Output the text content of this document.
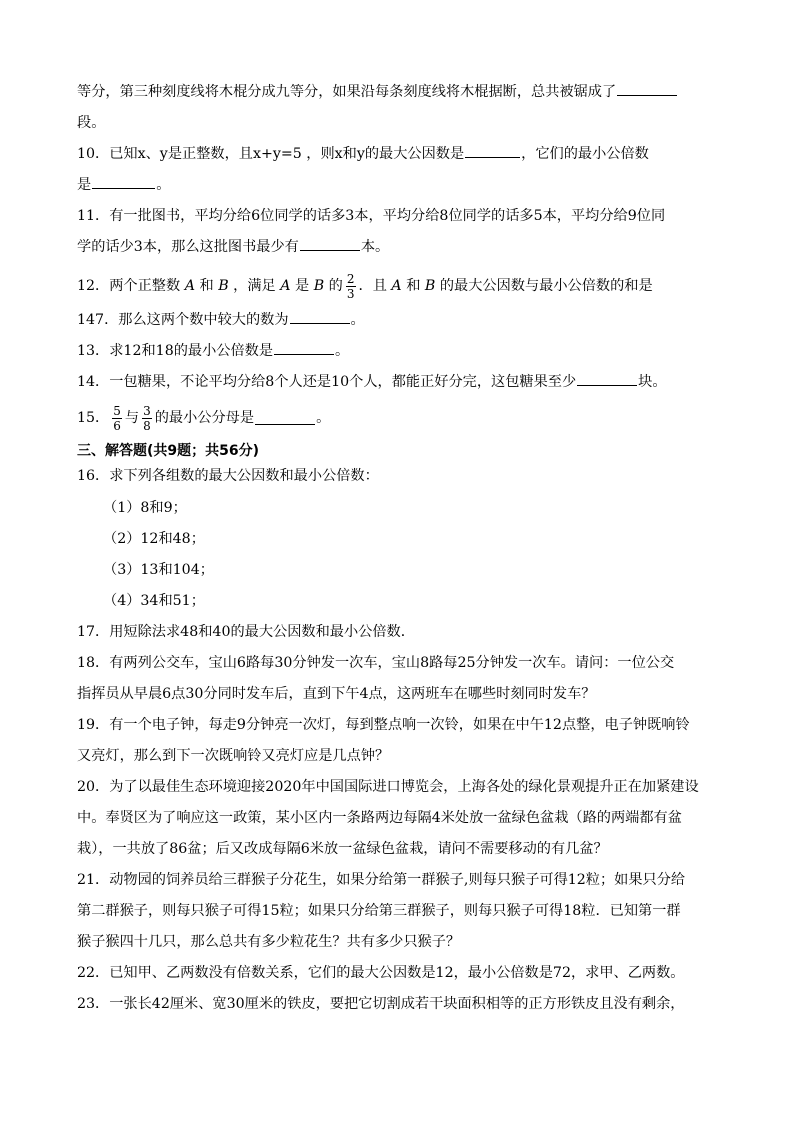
等分，第三种刻度线将木棍分成九等分，如果沿每条刻度线将木棍据断，总共被锯成了
段。
10．已知x、y是正整数，且x+y=5 ，则x和y的最大公因数是	，它们的最小公倍数
是	。
11．有一批图书，平均分给6位同学的话多3本，平均分给8位同学的话多5本，平均分给9位同
学的话少3本，那么这批图书最少有	本。
12．两个正整数
A
和
B
，满足
A
是
B
的 $\frac{2}{3}$ ．且
A
和
B
的最大公因数与最小公倍数的和是
147．那么这两个数中较大的数为	。
13．求12和18的最小公倍数是	。
14．一包糖果，不论平均分给8个人还是10个人，都能正好分完，这包糖果至少	块。
15． $\frac{5}{6}$ 与 $\frac{3}{8}$ 的最小公分母是	。
三、解答题(共9题；共56分)
16．求下列各组数的最大公因数和最小公倍数：
（1）8和9；
（2）12和48；
（3）13和104；
（4）34和51；
17．用短除法求48和40的最大公因数和最小公倍数．
18．有两列公交车，宝山6路每30分钟发一次车，宝山8路每25分钟发一次车。请问：一位公交
指挥员从早晨6点30分同时发车后，直到下午4点，这两班车在哪些时刻同时发车？
19．有一个电子钟，每走9分钟亮一次灯，每到整点响一次铃，如果在中午12点整，电子钟既响铃
又亮灯，那么到下一次既响铃又亮灯应是几点钟？
20．为了以最佳生态环境迎接2020年中国国际进口博览会，上海各处的绿化景观提升正在加紧建设
中。奉贤区为了响应这一政策，某小区内一条路两边每隔4米处放一盆绿色盆栽（路的两端都有盆
栽），一共放了86盆；后又改成每隔6米放一盆绿色盆栽，请问不需要移动的有几盆？
21．动物园的饲养员给三群猴子分花生，如果分给第一群猴子,则每只猴子可得12粒；如果只分给
第二群猴子，则每只猴子可得15粒；如果只分给第三群猴子，则每只猴子可得18粒．已知第一群
猴子猴四十几只，那么总共有多少粒花生？共有多少只猴子？
22．已知甲、乙两数没有倍数关系，它们的最大公因数是12，最小公倍数是72，求甲、乙两数。
23．一张长42厘米、宽30厘米的铁皮，要把它切割成若干块面积相等的正方形铁皮且没有剩余，
